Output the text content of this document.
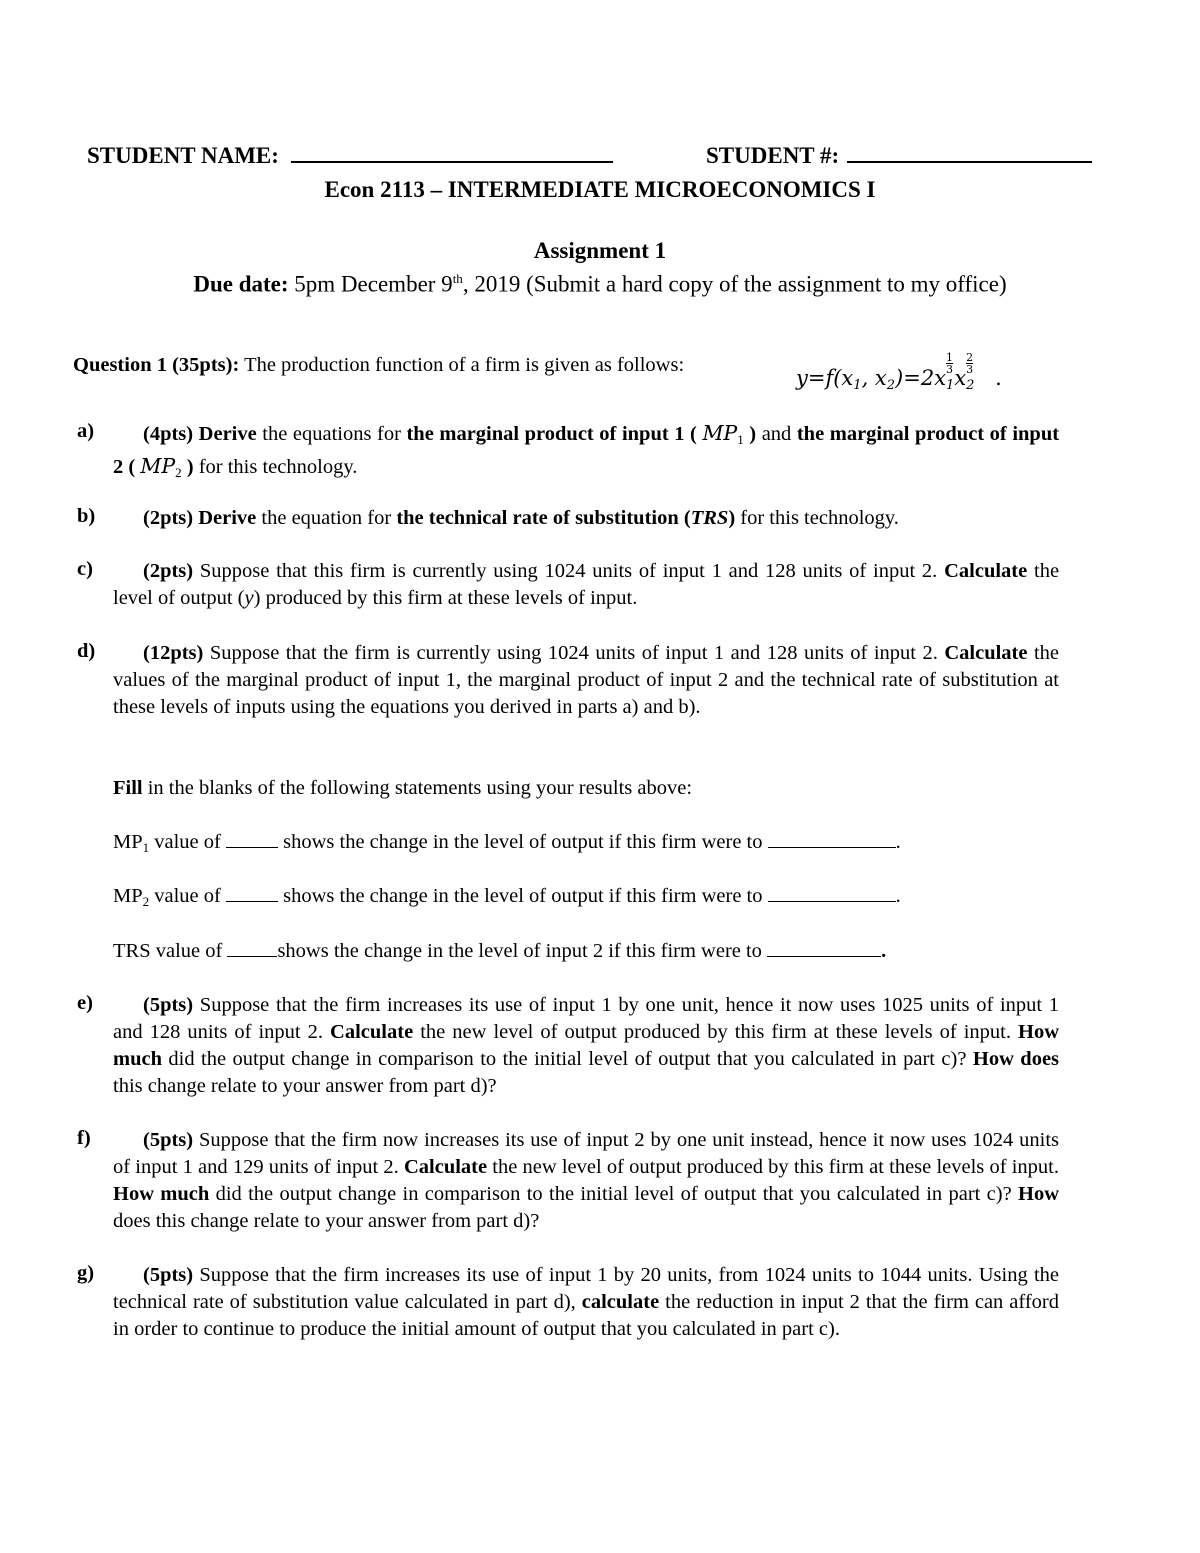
STUDENT NAME:	STUDENT #:
Econ 2113 – INTERMEDIATE MICROECONOMICS I
Assignment 1
Due date: 5pm December 9th, 2019 (Submit a hard copy of the assignment to my office)
Question 1 (35pts): The production function of a firm is given as follows:
$y=f(x_1$, $x_2)=2x$
$\frac{1}{3}$
$_1$x
$\frac{2}{3}$
$_2$ .
a)	(4pts) Derive the equations for the marginal product of input 1 ( $MP_1$ ) and the marginal product of input 2 ( $MP_2$ ) for this technology.
b)	(2pts) Derive the equation for the technical rate of substitution (TRS) for this technology.
c)	(2pts) Suppose that this firm is currently using 1024 units of input 1 and 128 units of input 2. Calculate the level of output (y) produced by this firm at these levels of input.
d)	(12pts) Suppose that the firm is currently using 1024 units of input 1 and 128 units of input 2. Calculate the values of the marginal product of input 1, the marginal product of input 2 and the technical rate of substitution at these levels of inputs using the equations you derived in parts a) and b).
Fill in the blanks of the following statements using your results above:
$MP_1$ value of	shows the change in the level of output if this firm were to	.
$MP_2$ value of	shows the change in the level of output if this firm were to	.
TRS value of	shows the change in the level of input 2 if this firm were to	.
e)	(5pts) Suppose that the firm increases its use of input 1 by one unit, hence it now uses 1025 units of input 1 and 128 units of input 2. Calculate the new level of output produced by this firm at these levels of input. How much did the output change in comparison to the initial level of output that you calculated in part c)? How does this change relate to your answer from part d)?
f)	(5pts) Suppose that the firm now increases its use of input 2 by one unit instead, hence it now uses 1024 units of input 1 and 129 units of input 2. Calculate the new level of output produced by this firm at these levels of input. How much did the output change in comparison to the initial level of output that you calculated in part c)? How does this change relate to your answer from part d)?
g)	(5pts) Suppose that the firm increases its use of input 1 by 20 units, from 1024 units to 1044 units. Using the technical rate of substitution value calculated in part d), calculate the reduction in input 2 that the firm can afford in order to continue to produce the initial amount of output that you calculated in part c).
